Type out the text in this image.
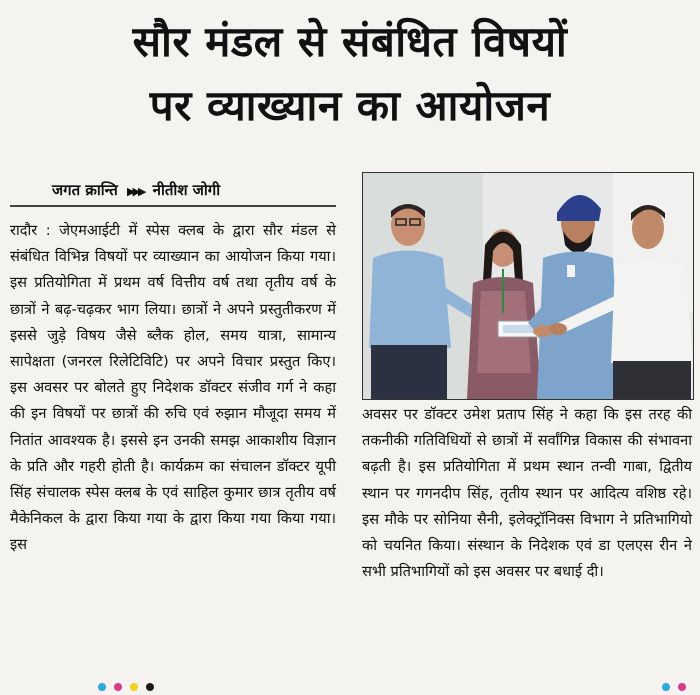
सौर मंडल से संबंधित विषयों
पर व्याख्यान का आयोजन
जगत क्रान्ति ▶▶▶ नीतीश जोगी
रादौर : जेएमआईटी में स्पेस क्लब के द्वारा सौर मंडल से संबंधित विभिन्न विषयों पर व्याख्यान का आयोजन किया गया। इस प्रतियोगिता में प्रथम वर्ष वित्तीय वर्ष तथा तृतीय वर्ष के छात्रों ने बढ़-चढ़कर भाग लिया। छात्रों ने अपने प्रस्तुतीकरण में इससे जुड़े विषय जैसे ब्लैक होल, समय यात्रा, सामान्य सापेक्षता (जनरल रिलेटिविटि) पर अपने विचार प्रस्तुत किए। इस अवसर पर बोलते हुए निदेशक डॉक्टर संजीव गर्ग ने कहा की इन विषयों पर छात्रों की रुचि एवं रुझान मौजूदा समय में नितांत आवश्यक है। इससे इन उनकी समझ आकाशीय विज्ञान के प्रति और गहरी होती है। कार्यक्रम का संचालन डॉक्टर यूपी सिंह संचालक स्पेस क्लब के एवं साहिल कुमार छात्र तृतीय वर्ष मैकेनिकल के द्वारा किया गया के द्वारा किया गया किया गया। इस
अवसर पर डॉक्टर उमेश प्रताप सिंह ने कहा कि इस तरह की तकनीकी गतिविधियों से छात्रों में सर्वांगिन्न विकास की संभावना बढ़ती है। इस प्रतियोगिता में प्रथम स्थान तन्वी गाबा, द्वितीय स्थान पर गगनदीप सिंह, तृतीय स्थान पर आदित्य वशिष्ठ रहे। इस मौके पर सोनिया सैनी, इलेक्ट्रॉनिक्स विभाग ने प्रतिभागियो को चयनित किया। संस्थान के निदेशक एवं डा एलएस रीन ने सभी प्रतिभागियों को इस अवसर पर बधाई दी।
